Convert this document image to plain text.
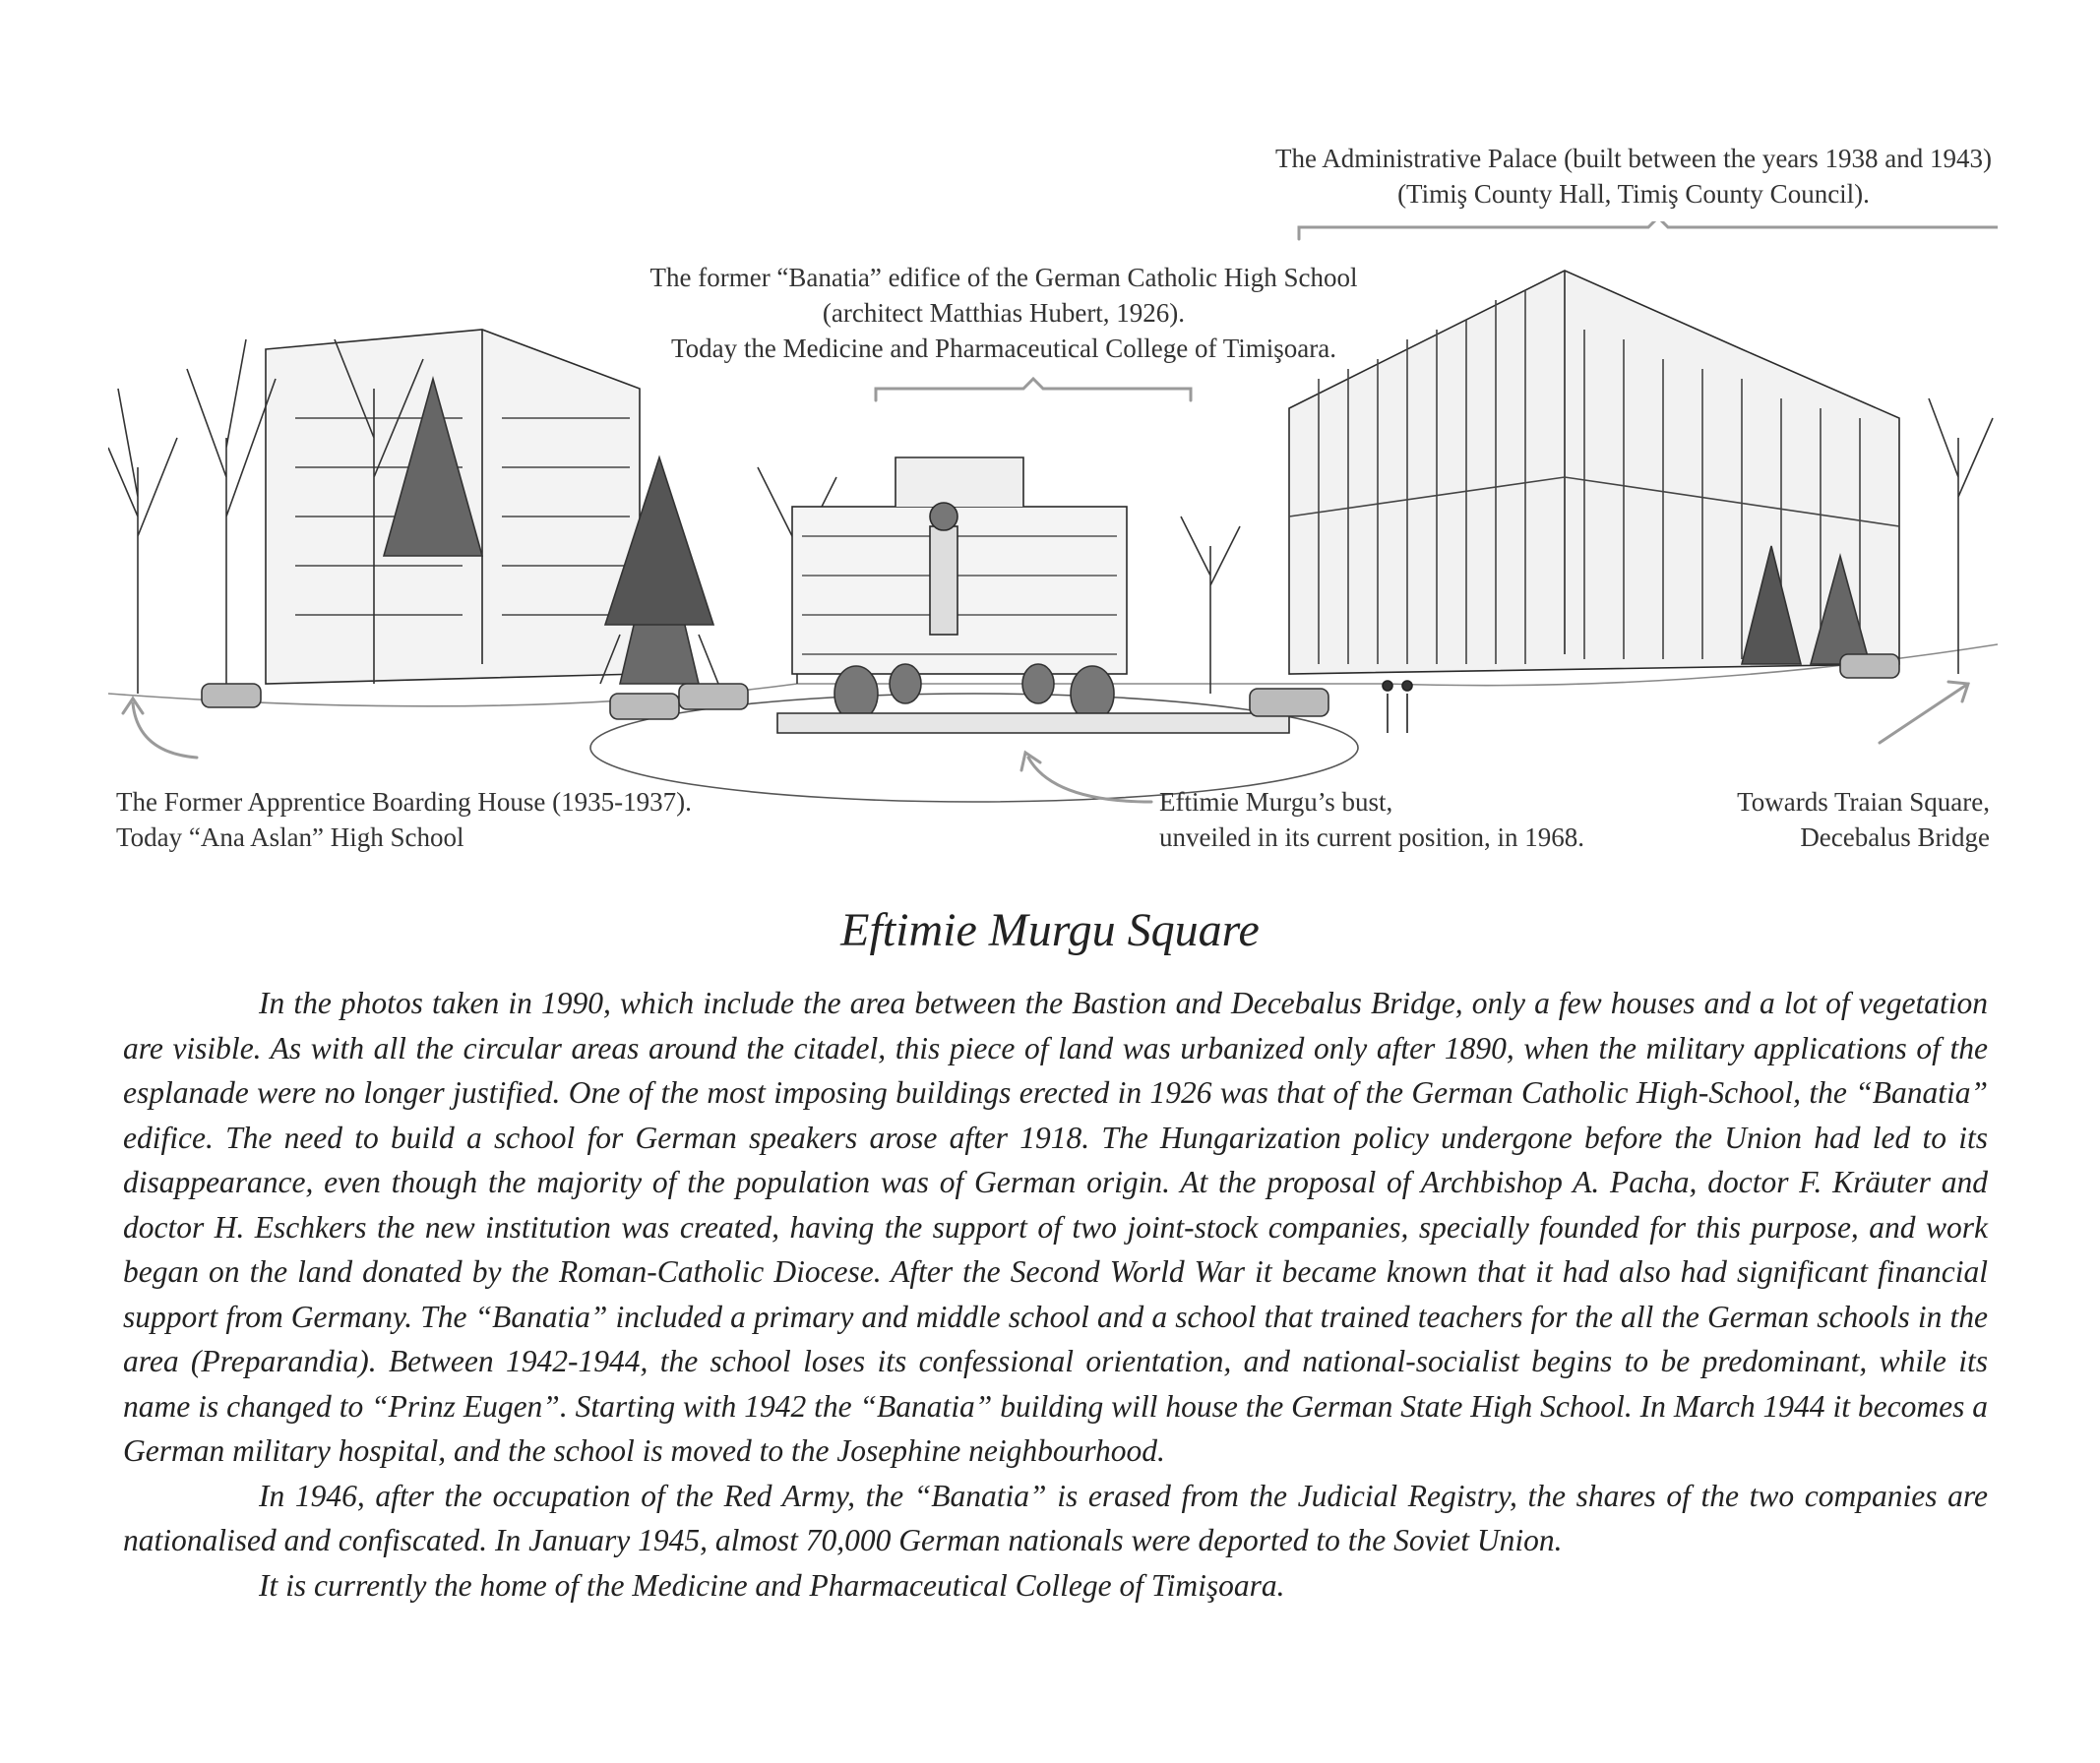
The Administrative Palace (built between the years 1938 and 1943)
(Timiş County Hall, Timiş County Council).
The former “Banatia” edifice of the German Catholic High School
(architect Matthias Hubert, 1926).
Today the Medicine and Pharmaceutical College of Timişoara.
The Former Apprentice Boarding House (1935-1937).
Today “Ana Aslan” High School
Eftimie Murgu’s bust,
unveiled in its current position, in 1968.
Towards Traian Square,
Decebalus Bridge
Eftimie Murgu Square

In the photos taken in 1990, which include the area between the Bastion and Decebalus Bridge, only a few houses and a lot of vegetation are visible. As with all the circular areas around the citadel, this piece of land was urbanized only after 1890, when the military applications of the esplanade were no longer justified. One of the most imposing buildings erected in 1926 was that of the German Catholic High-School, the “Banatia” edifice. The need to build a school for German speakers arose after 1918. The Hungarization policy undergone before the Union had led to its disappearance, even though the majority of the population was of German origin. At the proposal of Archbishop A. Pacha, doctor F. Kräuter and doctor H. Eschkers the new institution was created, having the support of two joint-stock companies, specially founded for this purpose, and work began on the land donated by the Roman-Catholic Diocese. After the Second World War it became known that it had also had significant financial support from Germany. The “Banatia” included a primary and middle school and a school that trained teachers for the all the German schools in the area (Preparandia). Between 1942-1944, the school loses its confessional orientation, and national-socialist begins to be predominant, while its name is changed to “Prinz Eugen”. Starting with 1942 the “Banatia” building will house the German State High School. In March 1944 it becomes a German military hospital, and the school is moved to the Josephine neighbourhood.

In 1946, after the occupation of the Red Army, the “Banatia” is erased from the Judicial Registry, the shares of the two companies are nationalised and confiscated. In January 1945, almost 70,000 German nationals were deported to the Soviet Union.

It is currently the home of the Medicine and Pharmaceutical College of Timişoara.
